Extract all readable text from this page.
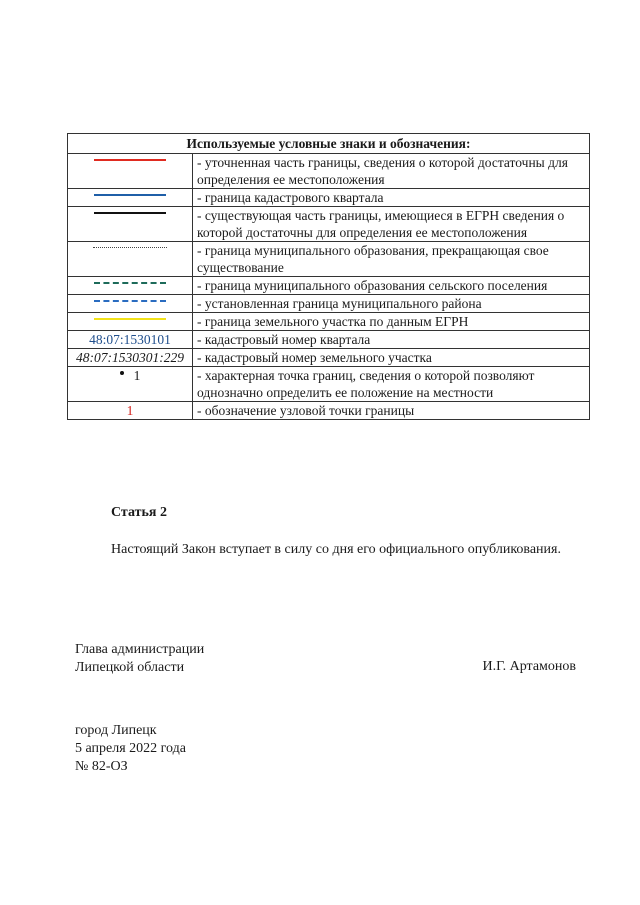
Используемые условные знаки и обозначения:	

	- уточненная часть границы, сведения о которой достаточны для определения ее местоположения

	- граница кадастрового квартала

	- существующая часть границы, имеющиеся в ЕГРН сведения о которой достаточны для определения ее местоположения

	- граница муниципального образования, прекращающая свое существование

	- граница муниципального образования сельского поселения

	- установленная граница муниципального района

	- граница земельного участка по данным ЕГРН

48:07:1530101	- кадастровый номер квартала

48:07:1530301:229	- кадастровый номер земельного участка
1	- характерная точка границ, сведения о которой позволяют однозначно определить ее положение на местности

1	- обозначение узловой точки границы
Статья 2
Настоящий Закон вступает в силу со дня его официального опубликования.
Глава администрации
Липецкой области	И.Г. Артамонов
город Липецк
5 апреля 2022 года
№ 82-ОЗ
